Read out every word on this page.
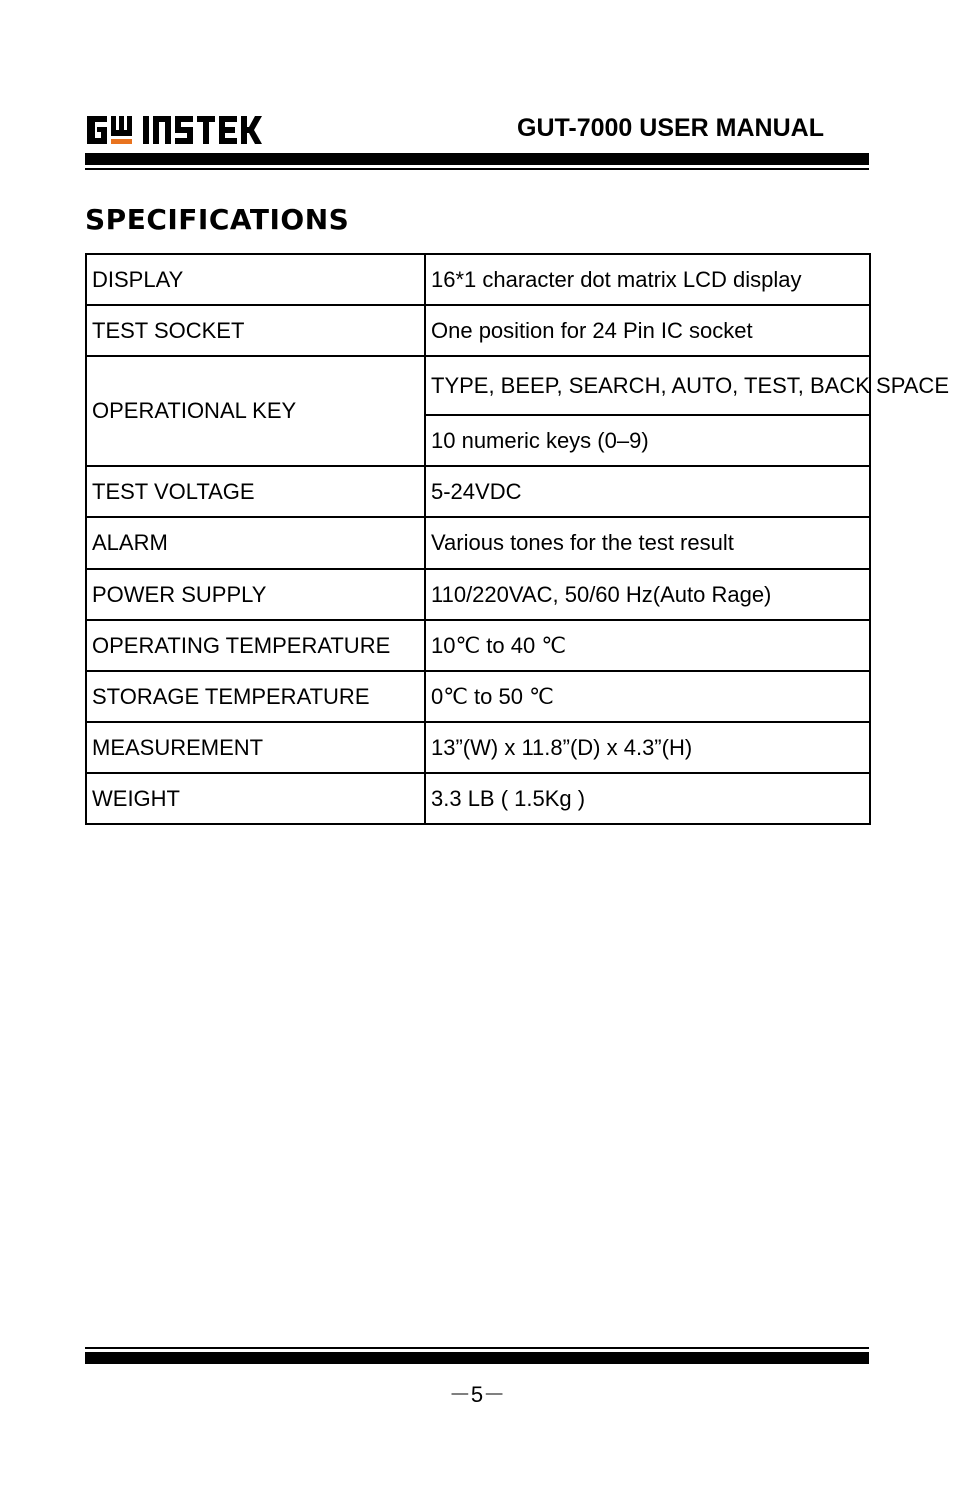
GUT-7000 USER MANUAL
SPECIFICATIONS
DISPLAY	16*1 character dot matrix LCD display
TEST SOCKET	One position for 24 Pin IC socket
OPERATIONAL KEY	TYPE, BEEP, SEARCH, AUTO, TEST, BACK SPACE
	10 numeric keys (0–9)
TEST VOLTAGE	5-24VDC
ALARM	Various tones for the test result
POWER SUPPLY	110/220VAC, 50/60 Hz(Auto Rage)
OPERATING TEMPERATURE	10℃ to 40 ℃
STORAGE TEMPERATURE	0℃ to 50 ℃
MEASUREMENT	13”(W) x 11.8”(D) x 4.3”(H)
WEIGHT	3.3 LB ( 1.5Kg )
－5－
